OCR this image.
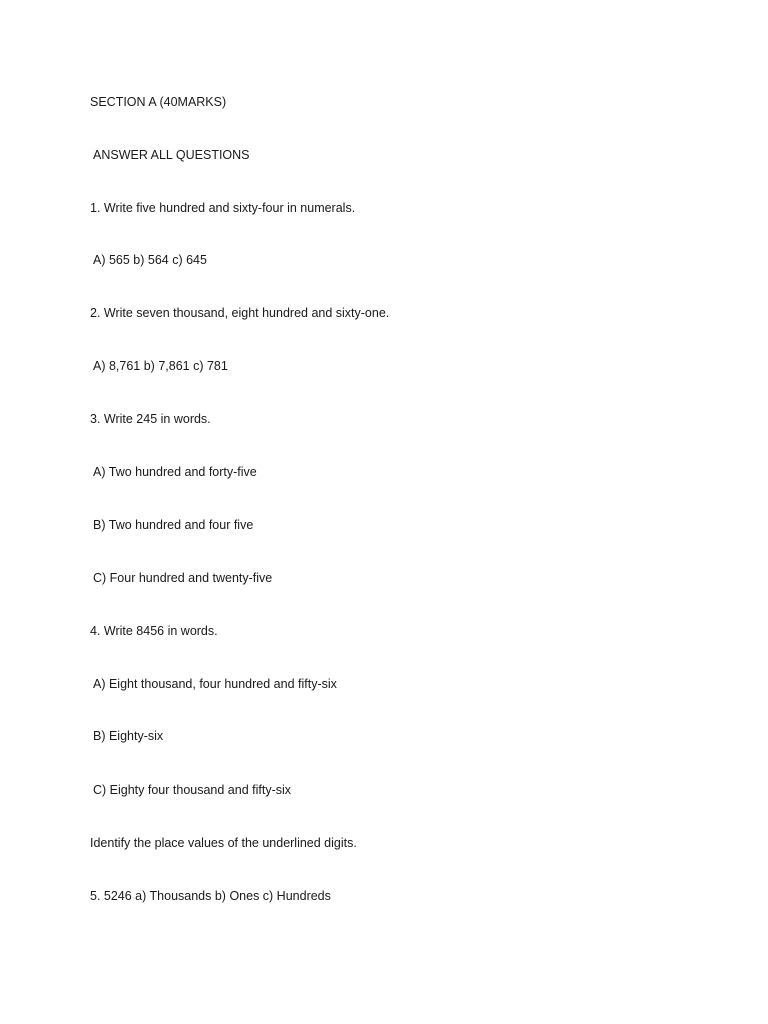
SECTION A (40MARKS)
ANSWER ALL QUESTIONS
1. Write five hundred and sixty-four in numerals.
A) 565 b) 564 c) 645
2. Write seven thousand, eight hundred and sixty-one.
A) 8,761 b) 7,861 c) 781
3. Write 245 in words.
A) Two hundred and forty-five
B) Two hundred and four five
C) Four hundred and twenty-five
4. Write 8456 in words.
A) Eight thousand, four hundred and fifty-six
B) Eighty-six
C) Eighty four thousand and fifty-six
Identify the place values of the underlined digits.
5. 5246 a) Thousands b) Ones c) Hundreds
